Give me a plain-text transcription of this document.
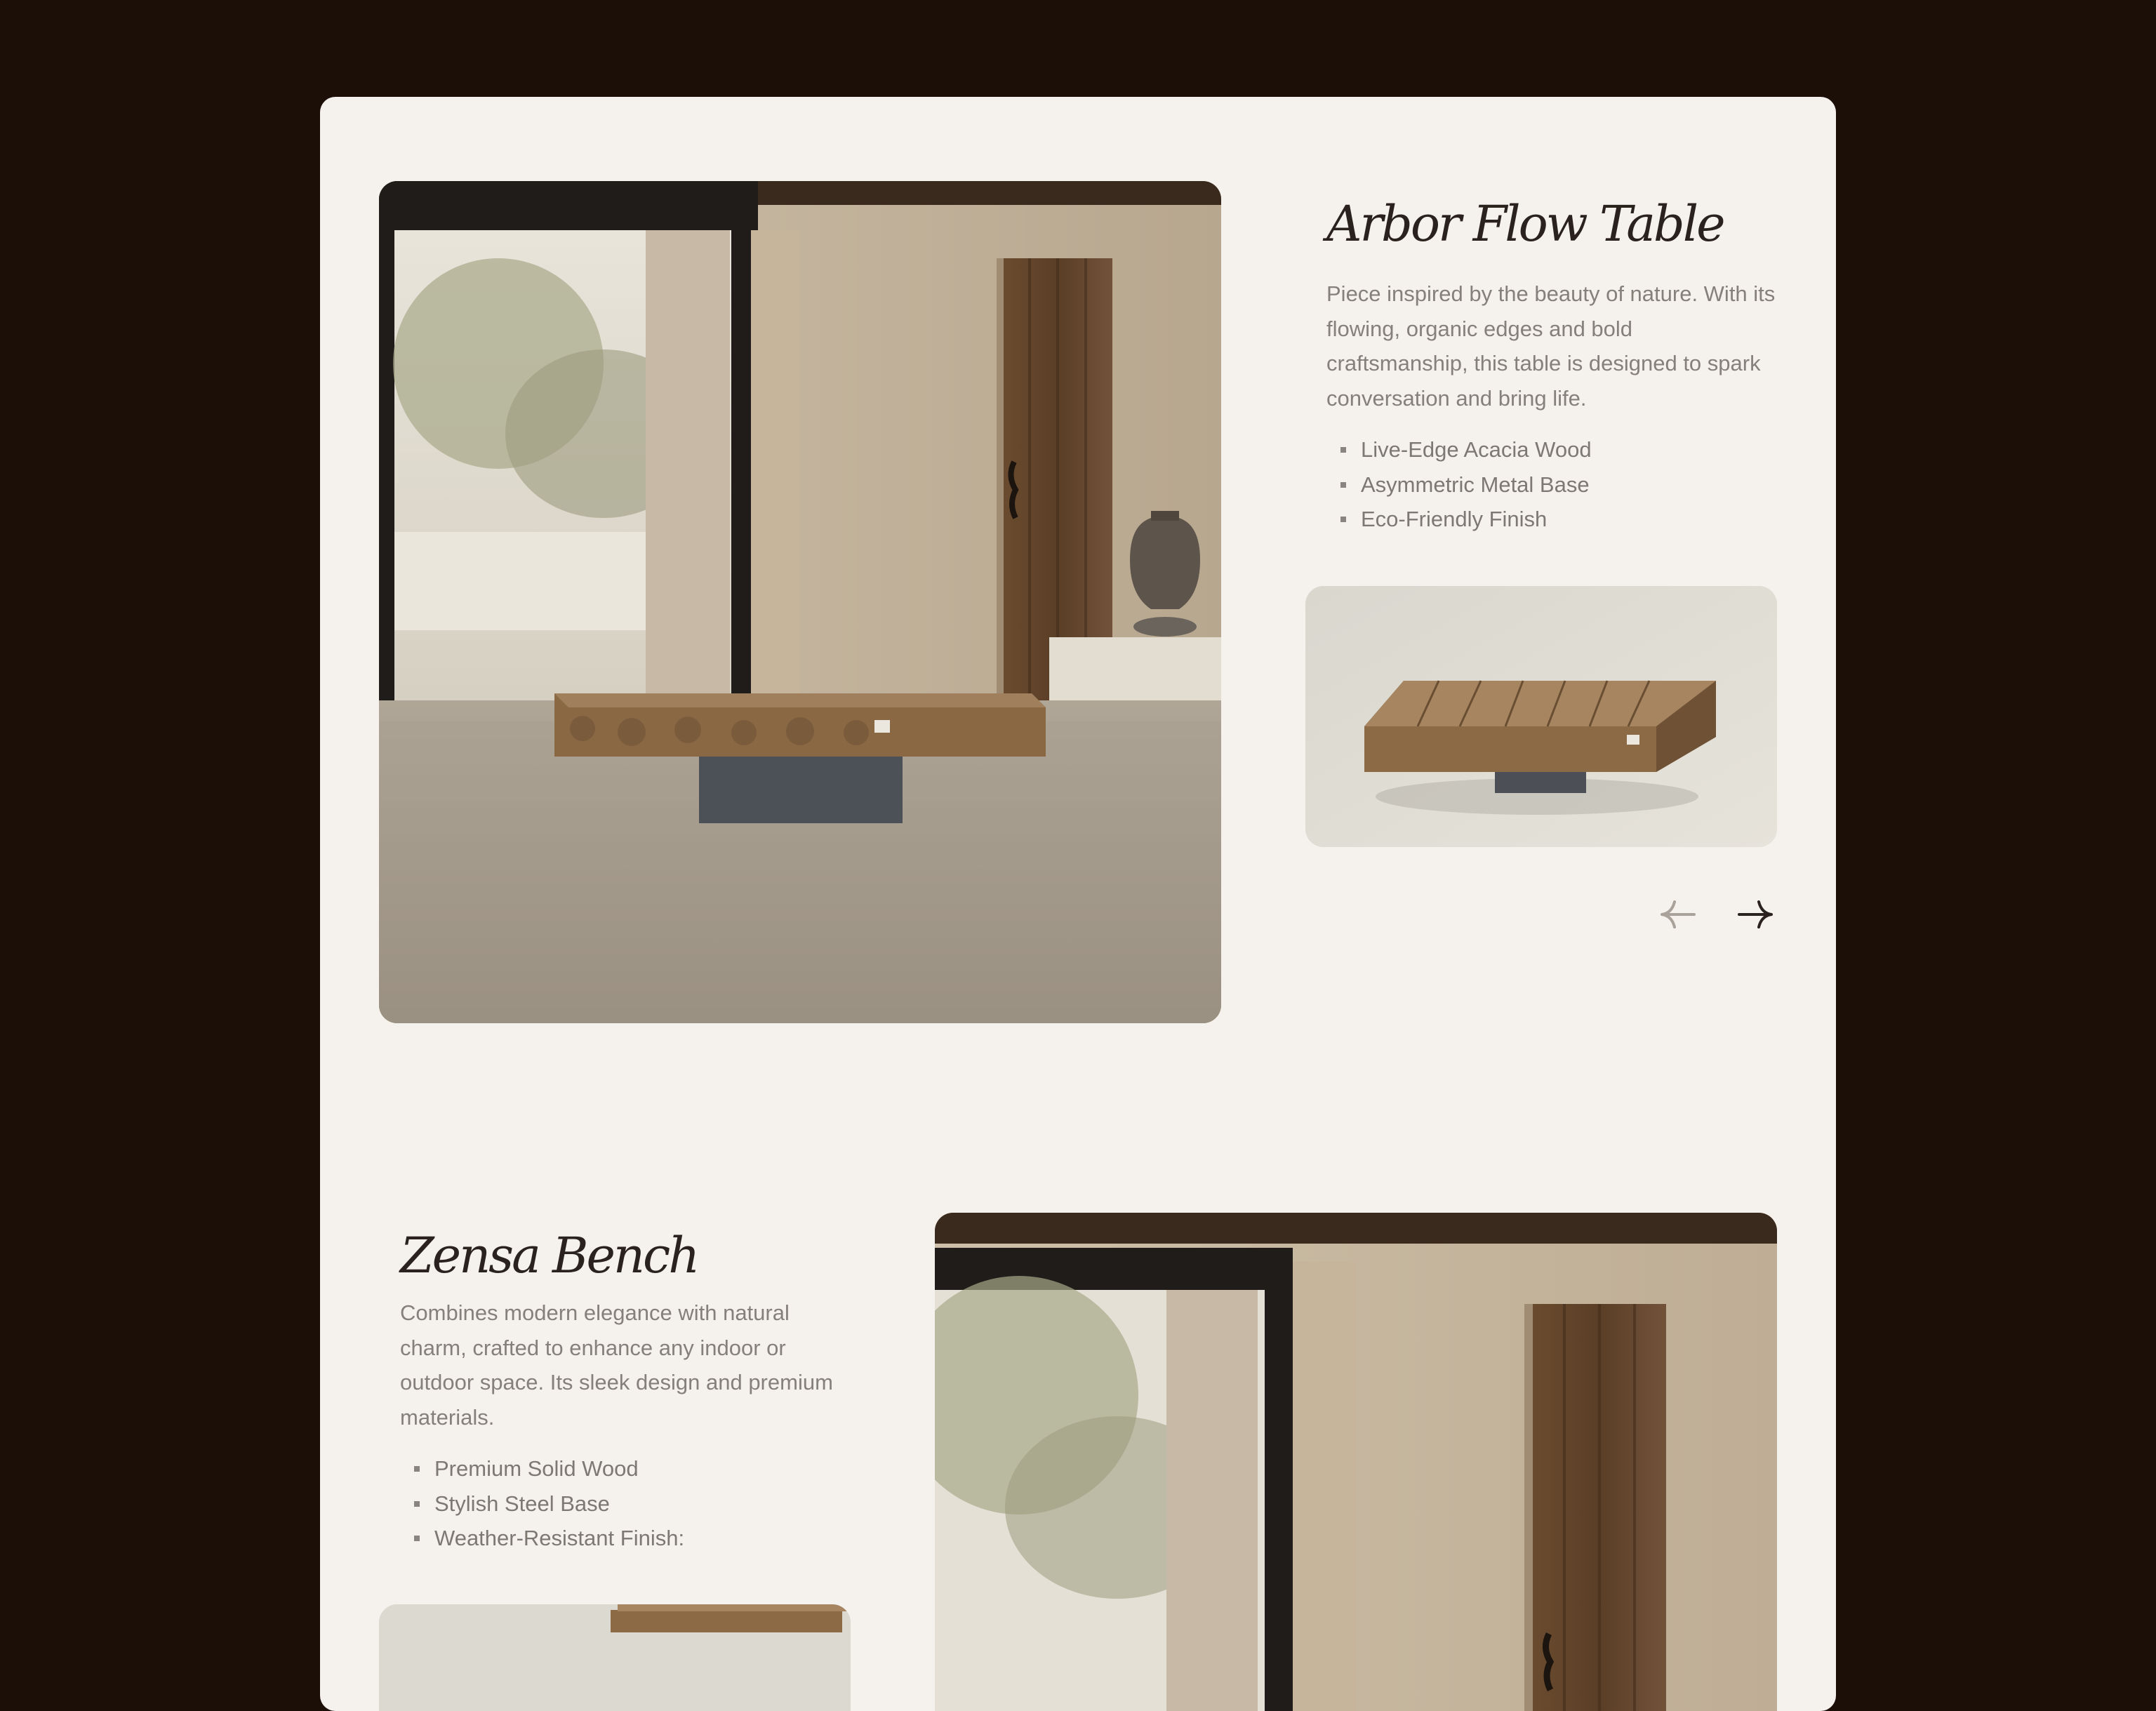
Arbor Flow Table

Piece inspired by the beauty of nature. With its flowing, organic edges and bold craftsmanship, this table is designed to spark conversation and bring life.

Live-Edge Acacia Wood
Asymmetric Metal Base
Eco-Friendly Finish
Zensa Bench

Combines modern elegance with natural charm, crafted to enhance any indoor or outdoor space. Its sleek design and premium materials.

Premium Solid Wood
Stylish Steel Base
Weather-Resistant Finish:
